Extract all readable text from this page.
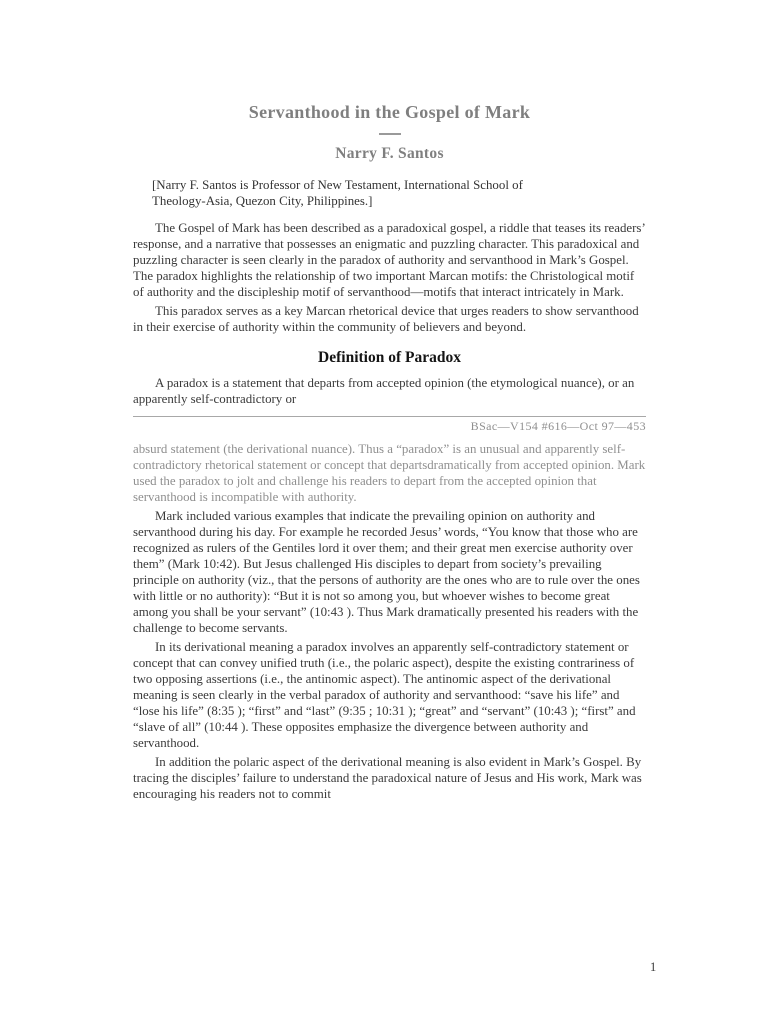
Servanthood in the Gospel of Mark
Narry F. Santos
[Narry F. Santos is Professor of New Testament, International School of Theology-Asia, Quezon City, Philippines.]

The Gospel of Mark has been described as a paradoxical gospel, a riddle that teases its readers’ response, and a narrative that possesses an enigmatic and puzzling character. This paradoxical and puzzling character is seen clearly in the paradox of authority and servanthood in Mark’s Gospel. The paradox highlights the relationship of two important Marcan motifs: the Christological motif of authority and the discipleship motif of servanthood—motifs that interact intricately in Mark.

This paradox serves as a key Marcan rhetorical device that urges readers to show servanthood in their exercise of authority within the community of believers and beyond.

Definition of Paradox

A paradox is a statement that departs from accepted opinion (the etymological nuance), or an apparently self-contradictory or

BSac—V154 #616—Oct 97—453

absurd statement (the derivational nuance). Thus a “paradox” is an unusual and apparently self-contradictory rhetorical statement or concept that departsdramatically from accepted opinion. Mark used the paradox to jolt and challenge his readers to depart from the accepted opinion that servanthood is incompatible with authority.

Mark included various examples that indicate the prevailing opinion on authority and servanthood during his day. For example he recorded Jesus’ words, “You know that those who are recognized as rulers of the Gentiles lord it over them; and their great men exercise authority over them” (Mark 10:42). But Jesus challenged His disciples to depart from society’s prevailing principle on authority (viz., that the persons of authority are the ones who are to rule over the ones with little or no authority): “But it is not so among you, but whoever wishes to become great among you shall be your servant” (10:43 ). Thus Mark dramatically presented his readers with the challenge to become servants.

In its derivational meaning a paradox involves an apparently self-contradictory statement or concept that can convey unified truth (i.e., the polaric aspect), despite the existing contrariness of two opposing assertions (i.e., the antinomic aspect). The antinomic aspect of the derivational meaning is seen clearly in the verbal paradox of authority and servanthood: “save his life” and “lose his life” (8:35 ); “first” and “last” (9:35 ; 10:31 ); “great” and “servant” (10:43 ); “first” and “slave of all” (10:44 ). These opposites emphasize the divergence between authority and servanthood.

In addition the polaric aspect of the derivational meaning is also evident in Mark’s Gospel. By tracing the disciples’ failure to understand the paradoxical nature of Jesus and His work, Mark was encouraging his readers not to commit

1
